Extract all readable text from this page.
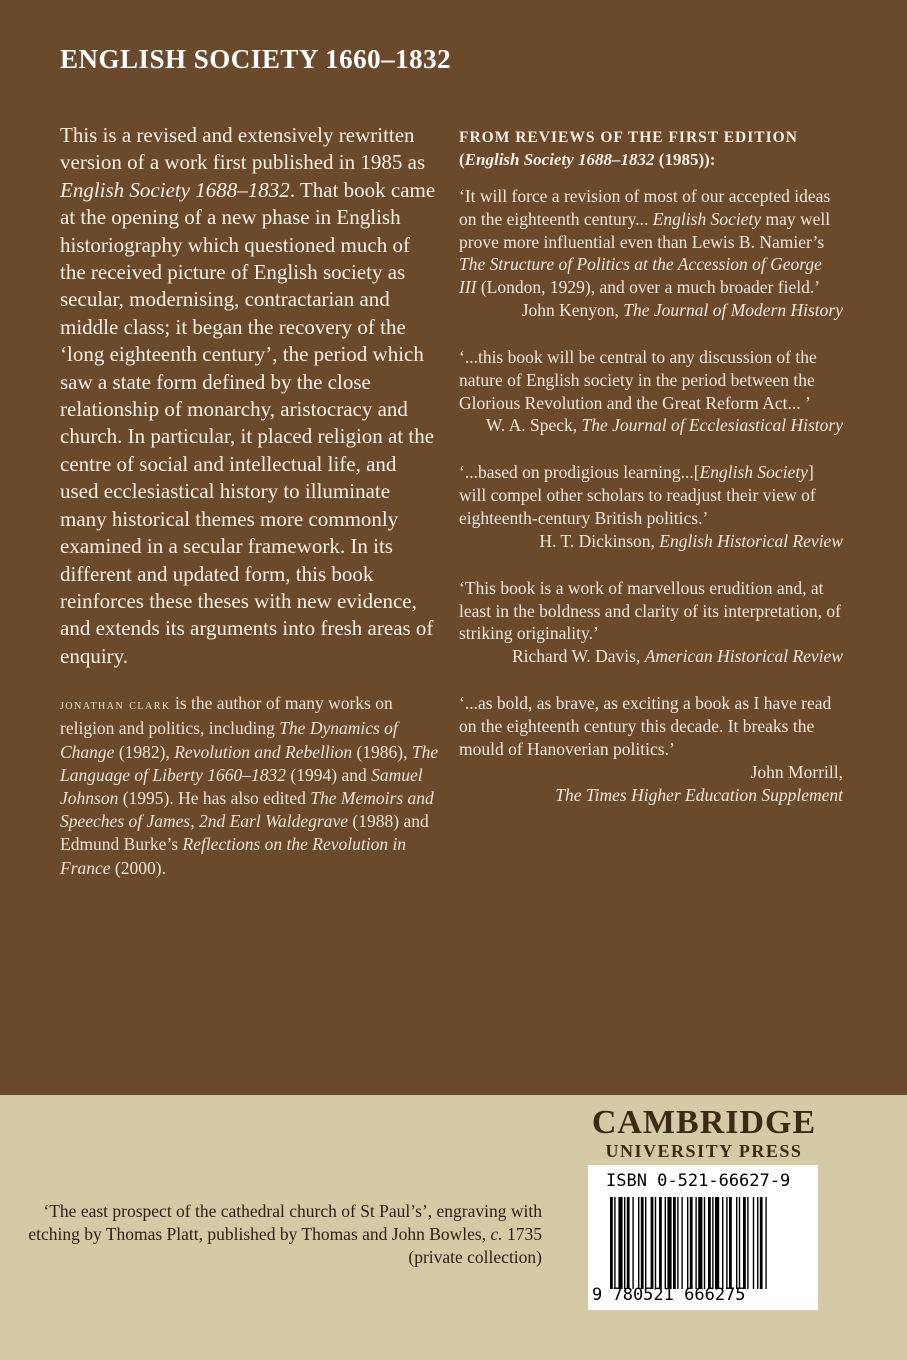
ENGLISH SOCIETY 1660–1832

This is a revised and extensively rewritten version of a work first published in 1985 as English Society 1688–1832. That book came at the opening of a new phase in English historiography which questioned much of the received picture of English society as secular, modernising, contractarian and middle class; it began the recovery of the ‘long eighteenth century’, the period which saw a state form defined by the close relationship of monarchy, aristocracy and church. In particular, it placed religion at the centre of social and intellectual life, and used ecclesiastical history to illuminate many historical themes more commonly examined in a secular framework. In its different and updated form, this book reinforces these theses with new evidence, and extends its arguments into fresh areas of enquiry.

jonathan clark is the author of many works on religion and politics, including The Dynamics of Change (1982), Revolution and Rebellion (1986), The Language of Liberty 1660–1832 (1994) and Samuel Johnson (1995). He has also edited The Memoirs and Speeches of James, 2nd Earl Waldegrave (1988) and Edmund Burke’s Reflections on the Revolution in France (2000).
FROM REVIEWS OF THE FIRST EDITION
(English Society 1688–1832 (1985)):
‘It will force a revision of most of our accepted ideas on the eighteenth century... English Society may well prove more influential even than Lewis B. Namier’s The Structure of Politics at the Accession of George III (London, 1929), and over a much broader field.’
John Kenyon, The Journal of Modern History
‘...this book will be central to any discussion of the nature of English society in the period between the Glorious Revolution and the Great Reform Act... ’
W. A. Speck, The Journal of Ecclesiastical History
‘...based on prodigious learning...[English Society] will compel other scholars to readjust their view of eighteenth-century British politics.’
H. T. Dickinson, English Historical Review
‘This book is a work of marvellous erudition and, at least in the boldness and clarity of its interpretation, of striking originality.’
Richard W. Davis, American Historical Review
‘...as bold, as brave, as exciting a book as I have read on the eighteenth century this decade. It breaks the mould of Hanoverian politics.’
John Morrill,
The Times Higher Education Supplement
‘The east prospect of the cathedral church of St Paul’s’, engraving with etching by Thomas Platt, published by Thomas and John Bowles, c. 1735 (private collection)
CAMBRIDGE
UNIVERSITY PRESS
ISBN 0-521-66627-9
9 780521 666275
